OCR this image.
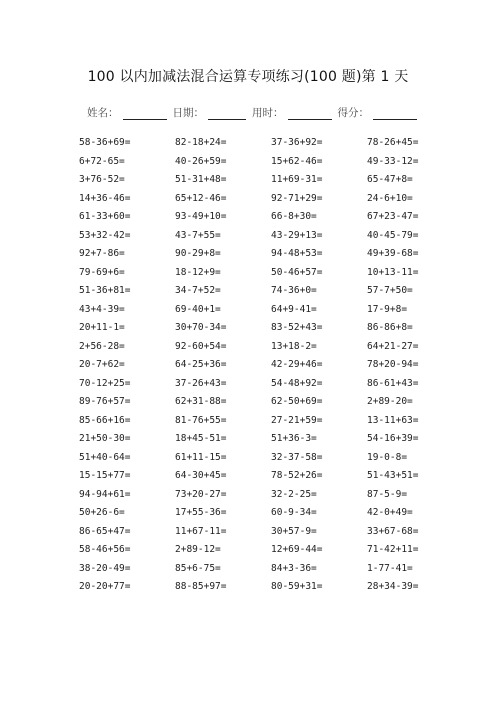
100 以内加减法混合运算专项练习(100 题)第 1 天
姓名：	日期：	用时：	得分：
58-36+69=	82-18+24=	37-36+92=	78-26+45=
6+72-65=	40-26+59=	15+62-46=	49-33-12=
3+76-52=	51-31+48=	11+69-31=	65-47+8=
14+36-46=	65+12-46=	92-71+29=	24-6+10=
61-33+60=	93-49+10=	66-8+30=	67+23-47=
53+32-42=	43-7+55=	43-29+13=	40-45-79=
92+7-86=	90-29+8=	94-48+53=	49+39-68=
79-69+6=	18-12+9=	50-46+57=	10+13-11=
51-36+81=	34-7+52=	74-36+0=	57-7+50=
43+4-39=	69-40+1=	64+9-41=	17-9+8=
20+11-1=	30+70-34=	83-52+43=	86-86+8=
2+56-28=	92-60+54=	13+18-2=	64+21-27=
20-7+62=	64-25+36=	42-29+46=	78+20-94=
70-12+25=	37-26+43=	54-48+92=	86-61+43=
89-76+57=	62+31-88=	62-50+69=	2+89-20=
85-66+16=	81-76+55=	27-21+59=	13-11+63=
21+50-30=	18+45-51=	51+36-3=	54-16+39=
51+40-64=	61+11-15=	32-37-58=	19-0-8=
15-15+77=	64-30+45=	78-52+26=	51-43+51=
94-94+61=	73+20-27=	32-2-25=	87-5-9=
50+26-6=	17+55-36=	60-9-34=	42-0+49=
86-65+47=	11+67-11=	30+57-9=	33+67-68=
58-46+56=	2+89-12=	12+69-44=	71-42+11=
38-20-49=	85+6-75=	84+3-36=	1-77-41=
20-20+77=	88-85+97=	80-59+31=	28+34-39=
